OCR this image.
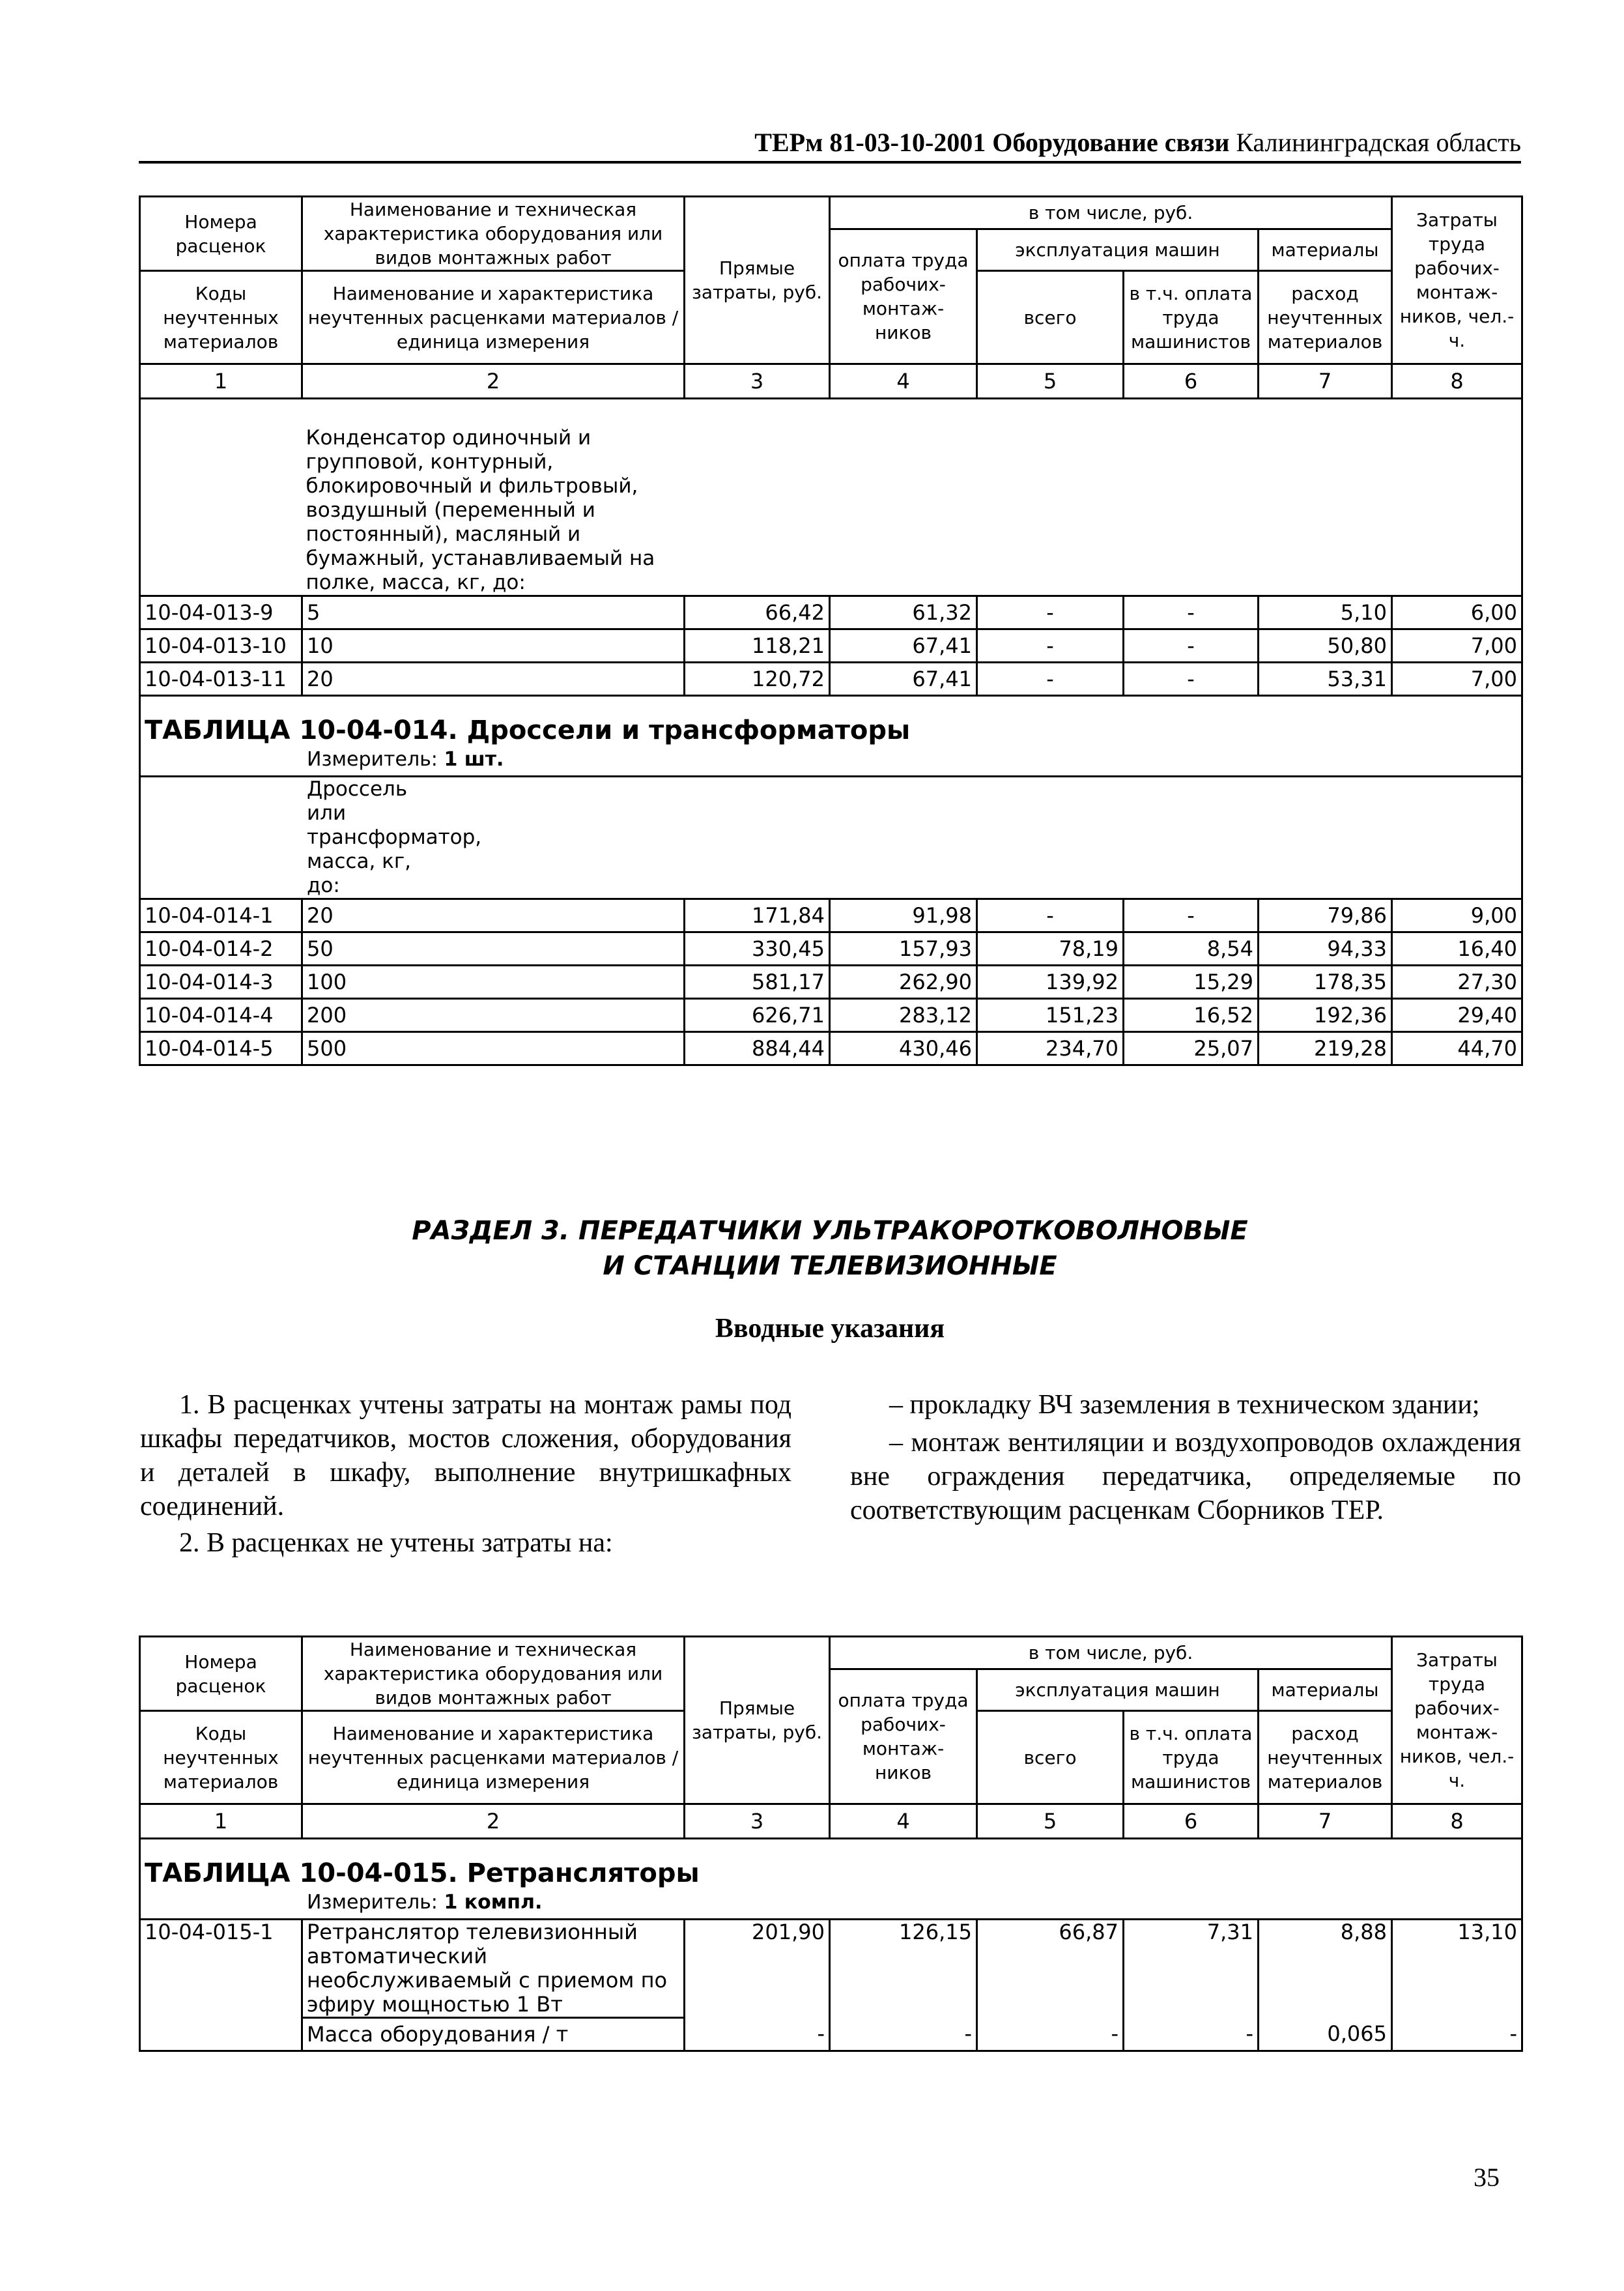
ТЕРм 81-03-10-2001 Оборудование связи Калининградская область
Номера расценок	Наименование и техническая характеристика оборудования или видов монтажных работ	Прямые затраты, руб.	в том числе, руб.				Затраты труда рабочих-монтаж-ников, чел.-ч.
			оплата труда рабочих-монтаж-ников	эксплуатация машин		материалы	
Коды неучтенных материалов	Наименование и характеристика неучтенных расценками материалов / единица измерения			всего	в т.ч. оплата труда машинистов	расход неучтенных материалов	

1	2	3	4	5	6	7	8
	Конденсатор одиночный и групповой, контурный, блокировочный и фильтровый, воздушный (переменный и постоянный), масляный и бумажный, устанавливаемый на полке, масса, кг, до:						
10-04-013-9	5	66,42	61,32	-	-	5,10	6,00
10-04-013-10	10	118,21	67,41	-	-	50,80	7,00
10-04-013-11	20	120,72	67,41	-	-	53,31	7,00

ТАБЛИЦА 10-04-014. Дроссели и трансформаторы							

Измеритель: 1 шт.							
Дроссель или трансформатор, масса, кг, до:							
10-04-014-1	20	171,84	91,98	-	-	79,86	9,00
10-04-014-2	50	330,45	157,93	78,19	8,54	94,33	16,40
10-04-014-3	100	581,17	262,90	139,92	15,29	178,35	27,30
10-04-014-4	200	626,71	283,12	151,23	16,52	192,36	29,40
10-04-014-5	500	884,44	430,46	234,70	25,07	219,28	44,70
РАЗДЕЛ 3. ПЕРЕДАТЧИКИ УЛЬТРАКОРОТКОВОЛНОВЫЕ
И СТАНЦИИ ТЕЛЕВИЗИОННЫЕ
Вводные указания

1. В расценках учтены затраты на монтаж рамы под шкафы передатчиков, мостов сложения, оборудования и деталей в шкафу, выполнение внутришкафных соединений.

2. В расценках не учтены затраты на:

– прокладку ВЧ заземления в техническом здании;

– монтаж вентиляции и воздухопроводов охлаждения вне ограждения передатчика, определяемые по соответствующим расценкам Сборников ТЕР.

Номера расценок	Наименование и техническая характеристика оборудования или видов монтажных работ	Прямые затраты, руб.	в том числе, руб.				Затраты труда рабочих-монтаж-ников, чел.-ч.
			оплата труда рабочих-монтаж-ников	эксплуатация машин		материалы	
Коды неучтенных материалов	Наименование и характеристика неучтенных расценками материалов / единица измерения			всего	в т.ч. оплата труда машинистов	расход неучтенных материалов	

1	2	3	4	5	6	7	8

ТАБЛИЦА 10-04-015. Ретрансляторы							

Измеритель: 1 компл.							
10-04-015-1	Ретранслятор телевизионный автоматический необслуживаемый с приемом по эфиру мощностью 1 Вт	201,90	126,15	66,87	7,31	8,88	13,10
	Масса оборудования / т	-	-	-	-	0,065	-
35
